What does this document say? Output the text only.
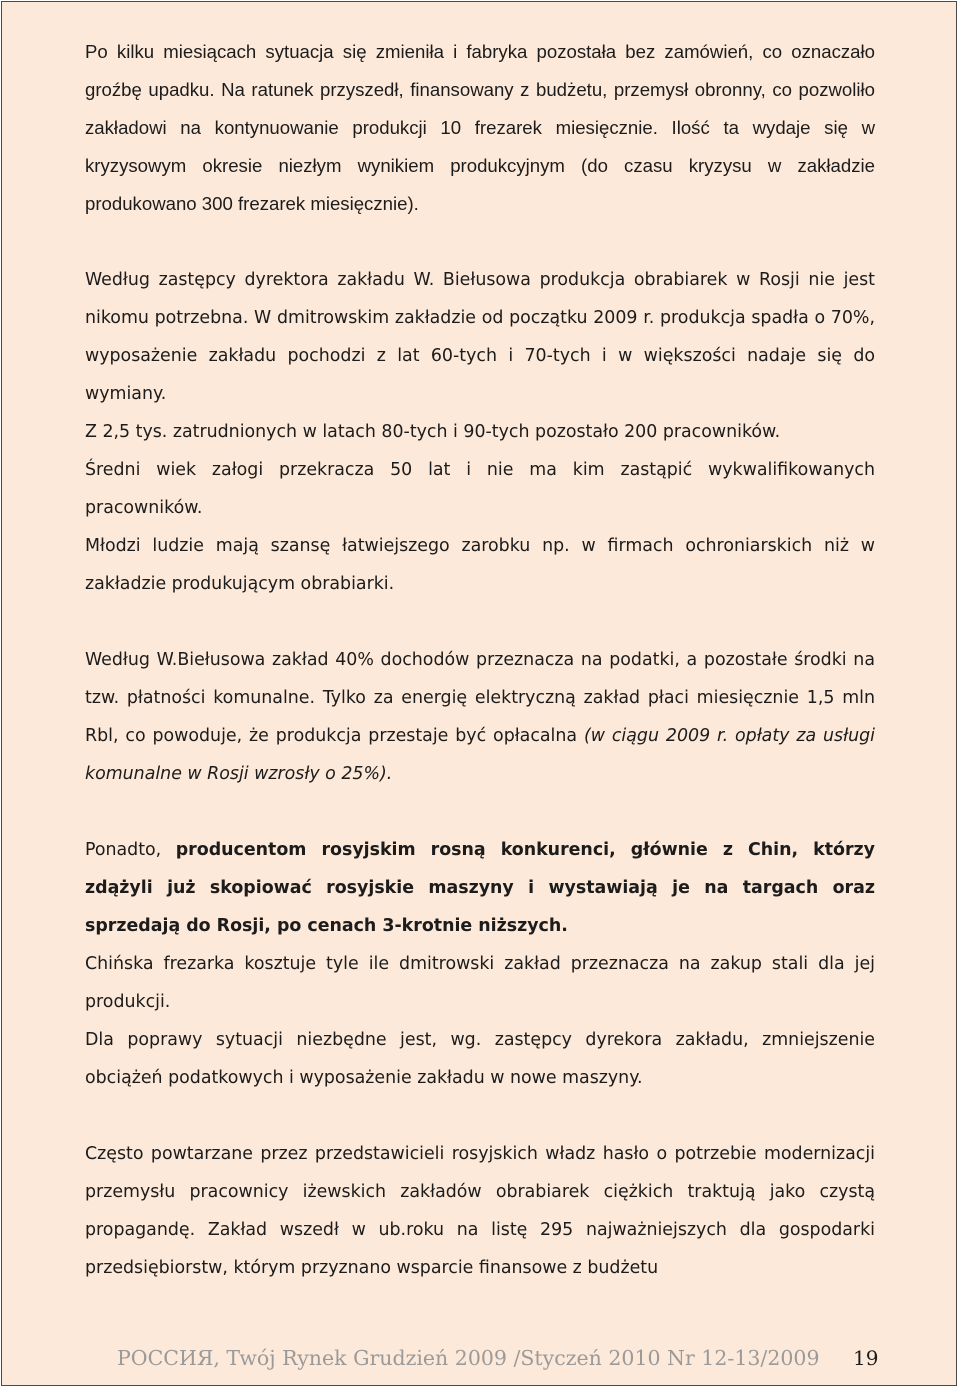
Po kilku miesiącach sytuacja się zmieniła i fabryka pozostała bez zamówień, co oznaczało groźbę upadku. Na ratunek przyszedł, finansowany z budżetu, przemysł obronny, co pozwoliło zakładowi na kontynuowanie produkcji 10 frezarek miesięcznie. Ilość ta wydaje się w kryzysowym okresie niezłym wynikiem produkcyjnym (do czasu kryzysu w zakładzie produkowano 300 frezarek miesięcznie).

Według zastępcy dyrektora zakładu W. Biełusowa produkcja obrabiarek w Rosji nie jest nikomu potrzebna. W dmitrowskim zakładzie od początku 2009 r. produkcja spadła o 70%, wyposażenie zakładu pochodzi z lat 60-tych i 70-tych i w większości nadaje się do wymiany.

Z 2,5 tys. zatrudnionych w latach 80-tych i 90-tych pozostało 200 pracowników.

Średni wiek załogi przekracza 50 lat i nie ma kim zastąpić wykwalifikowanych pracowników.

Młodzi ludzie mają szansę łatwiejszego zarobku np. w firmach ochroniarskich niż w zakładzie produkującym obrabiarki.

Według W.Biełusowa zakład 40% dochodów przeznacza na podatki, a pozostałe środki na tzw. płatności komunalne. Tylko za energię elektryczną zakład płaci miesięcznie 1,5 mln Rbl, co powoduje, że produkcja przestaje być opłacalna (w ciągu 2009 r. opłaty za usługi komunalne w Rosji wzrosły o 25%).

Ponadto, producentom rosyjskim rosną konkurenci, głównie z Chin, którzy zdążyli już skopiować rosyjskie maszyny i wystawiają je na targach oraz sprzedają do Rosji, po cenach 3-krotnie niższych.

Chińska frezarka kosztuje tyle ile dmitrowski zakład przeznacza na zakup stali dla jej produkcji.

Dla poprawy sytuacji niezbędne jest, wg. zastępcy dyrekora zakładu, zmniejszenie obciążeń podatkowych i wyposażenie zakładu w nowe maszyny.

Często powtarzane przez przedstawicieli rosyjskich władz hasło o potrzebie modernizacji przemysłu pracownicy iżewskich zakładów obrabiarek ciężkich traktują jako czystą propagandę. Zakład wszedł w ub.roku na listę 295 najważniejszych dla gospodarki przedsiębiorstw, którym przyznano wsparcie finansowe z budżetu

РОССИЯ, Twój Rynek Grudzień 2009 /Styczeń 2010 Nr 12-13/2009	19
